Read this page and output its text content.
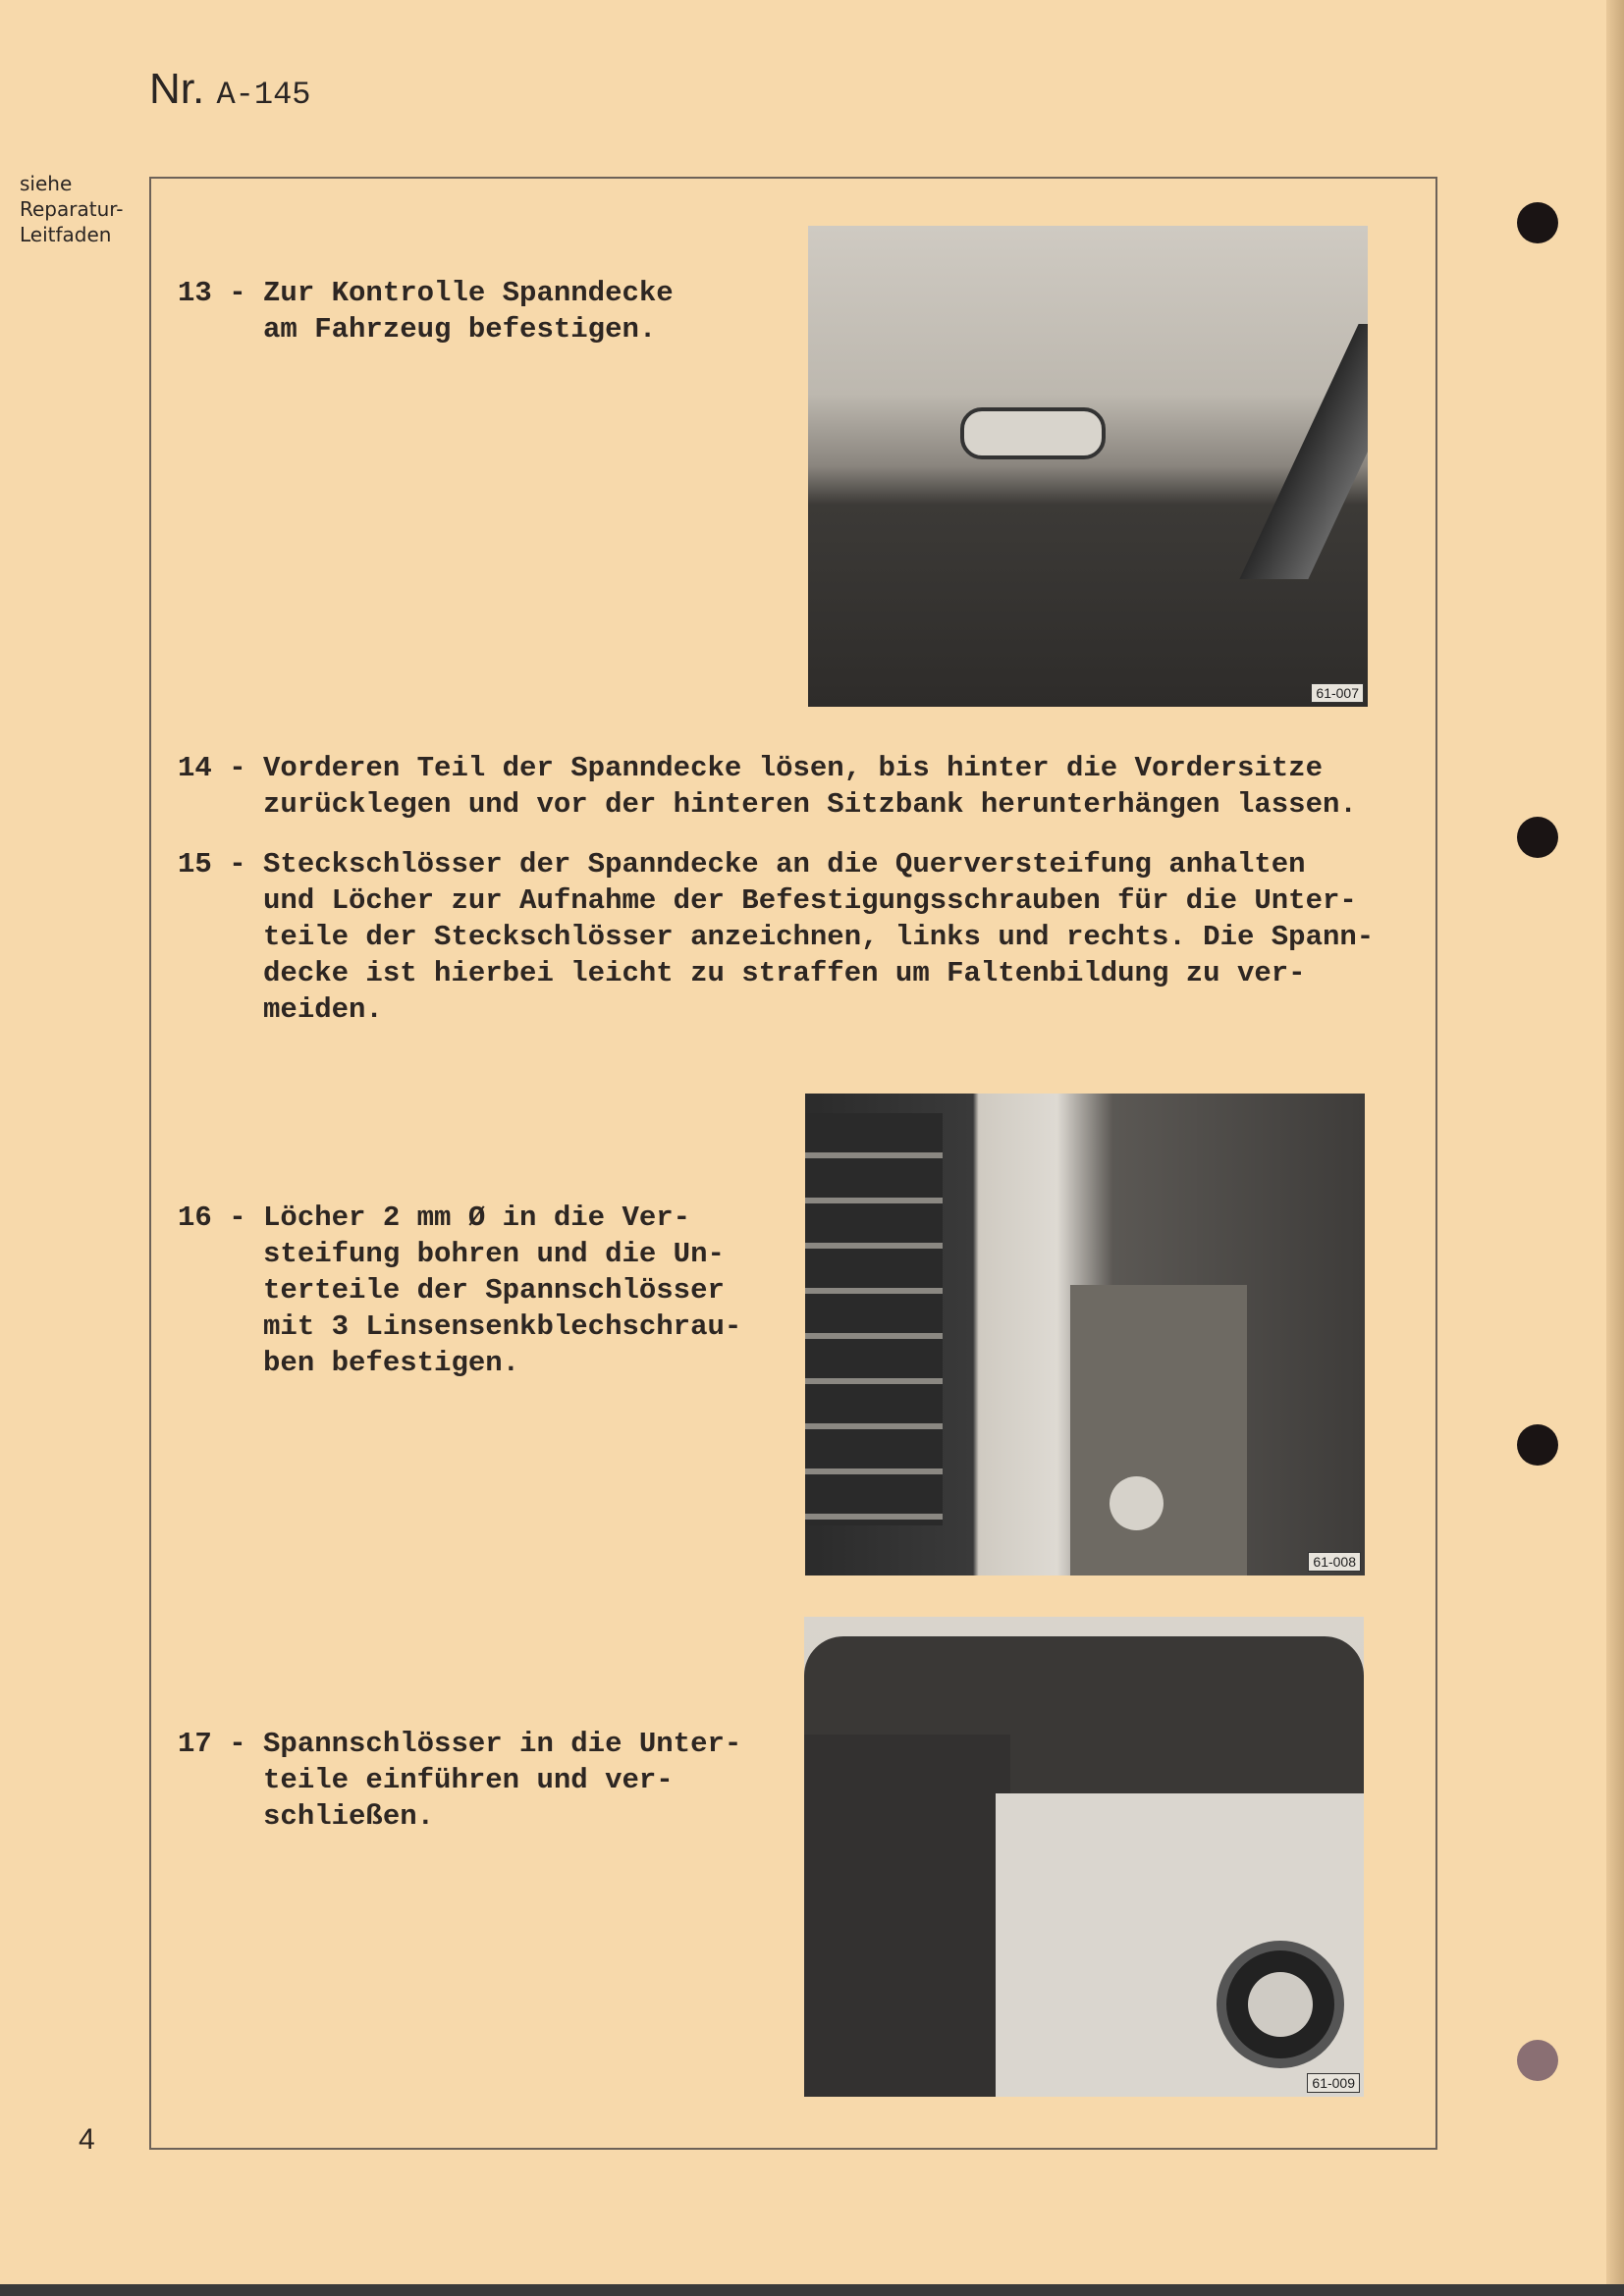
Nr. A-145
siehe
Reparatur-
Leitfaden
13 - Zur Kontrolle Spanndecke
am Fahrzeug befestigen.
14 - Vorderen Teil der Spanndecke lösen, bis hinter die Vordersitze
zurücklegen und vor der hinteren Sitzbank herunterhängen lassen.
15 - Steckschlösser der Spanndecke an die Querversteifung anhalten
und Löcher zur Aufnahme der Befestigungsschrauben für die Unter-
teile der Steckschlösser anzeichnen, links und rechts. Die Spann-
decke ist hierbei leicht zu straffen um Faltenbildung zu ver-
meiden.
16 - Löcher 2 mm Ø in die Ver-
steifung bohren und die Un-
terteile der Spannschlösser
mit 3 Linsensenkblechschrau-
ben befestigen.
17 - Spannschlösser in die Unter-
teile einführen und ver-
schließen.
61-007
61-008
61-009
4
